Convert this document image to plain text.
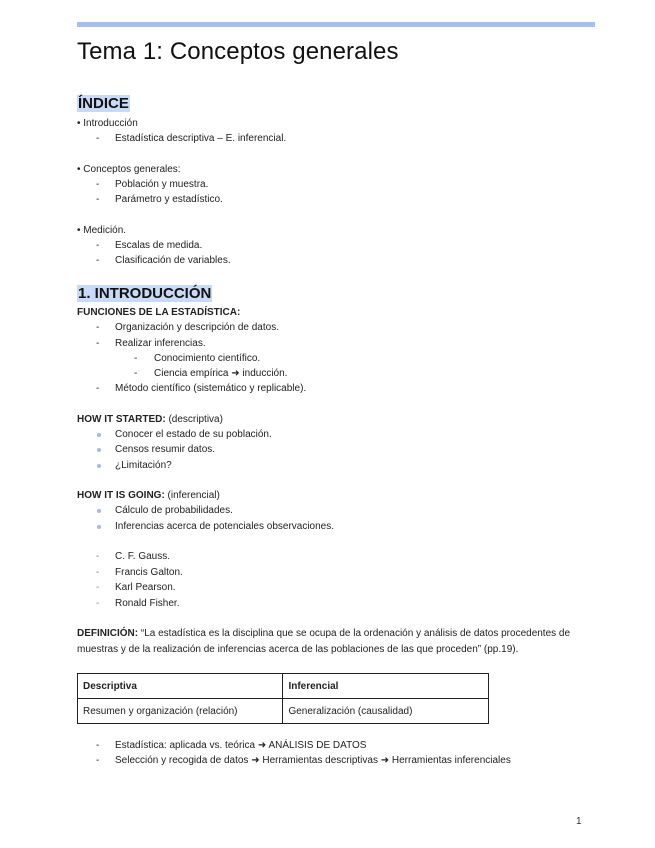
Tema 1: Conceptos generales
ÍNDICE
• Introducción
- Estadística descriptiva – E. inferencial.
• Conceptos generales:
- Población y muestra.
- Parámetro y estadístico.
• Medición.
- Escalas de medida.
- Clasificación de variables.
1. INTRODUCCIÓN
FUNCIONES DE LA ESTADÍSTICA:
- Organización y descripción de datos.
- Realizar inferencias.
- Conocimiento científico.
- Ciencia empírica ➜ inducción.
- Método científico (sistemático y replicable).
HOW IT STARTED: (descriptiva)
Conocer el estado de su población.
Censos resumir datos.
¿Limitación?
HOW IT IS GOING: (inferencial)
Cálculo de probabilidades.
Inferencias acerca de potenciales observaciones.
- C. F. Gauss.
- Francis Galton.
- Karl Pearson.
- Ronald Fisher.
DEFINICIÓN: “La estadística es la disciplina que se ocupa de la ordenación y análisis de datos procedentes de muestras y de la realización de inferencias acerca de las poblaciones de las que proceden” (pp.19).
Descriptiva	Inferencial
Resumen y organización (relación)	Generalización (causalidad)
- Estadística: aplicada vs. teórica ➜ ANÁLISIS DE DATOS
- Selección y recogida de datos ➜ Herramientas descriptivas ➜ Herramientas inferenciales
1
